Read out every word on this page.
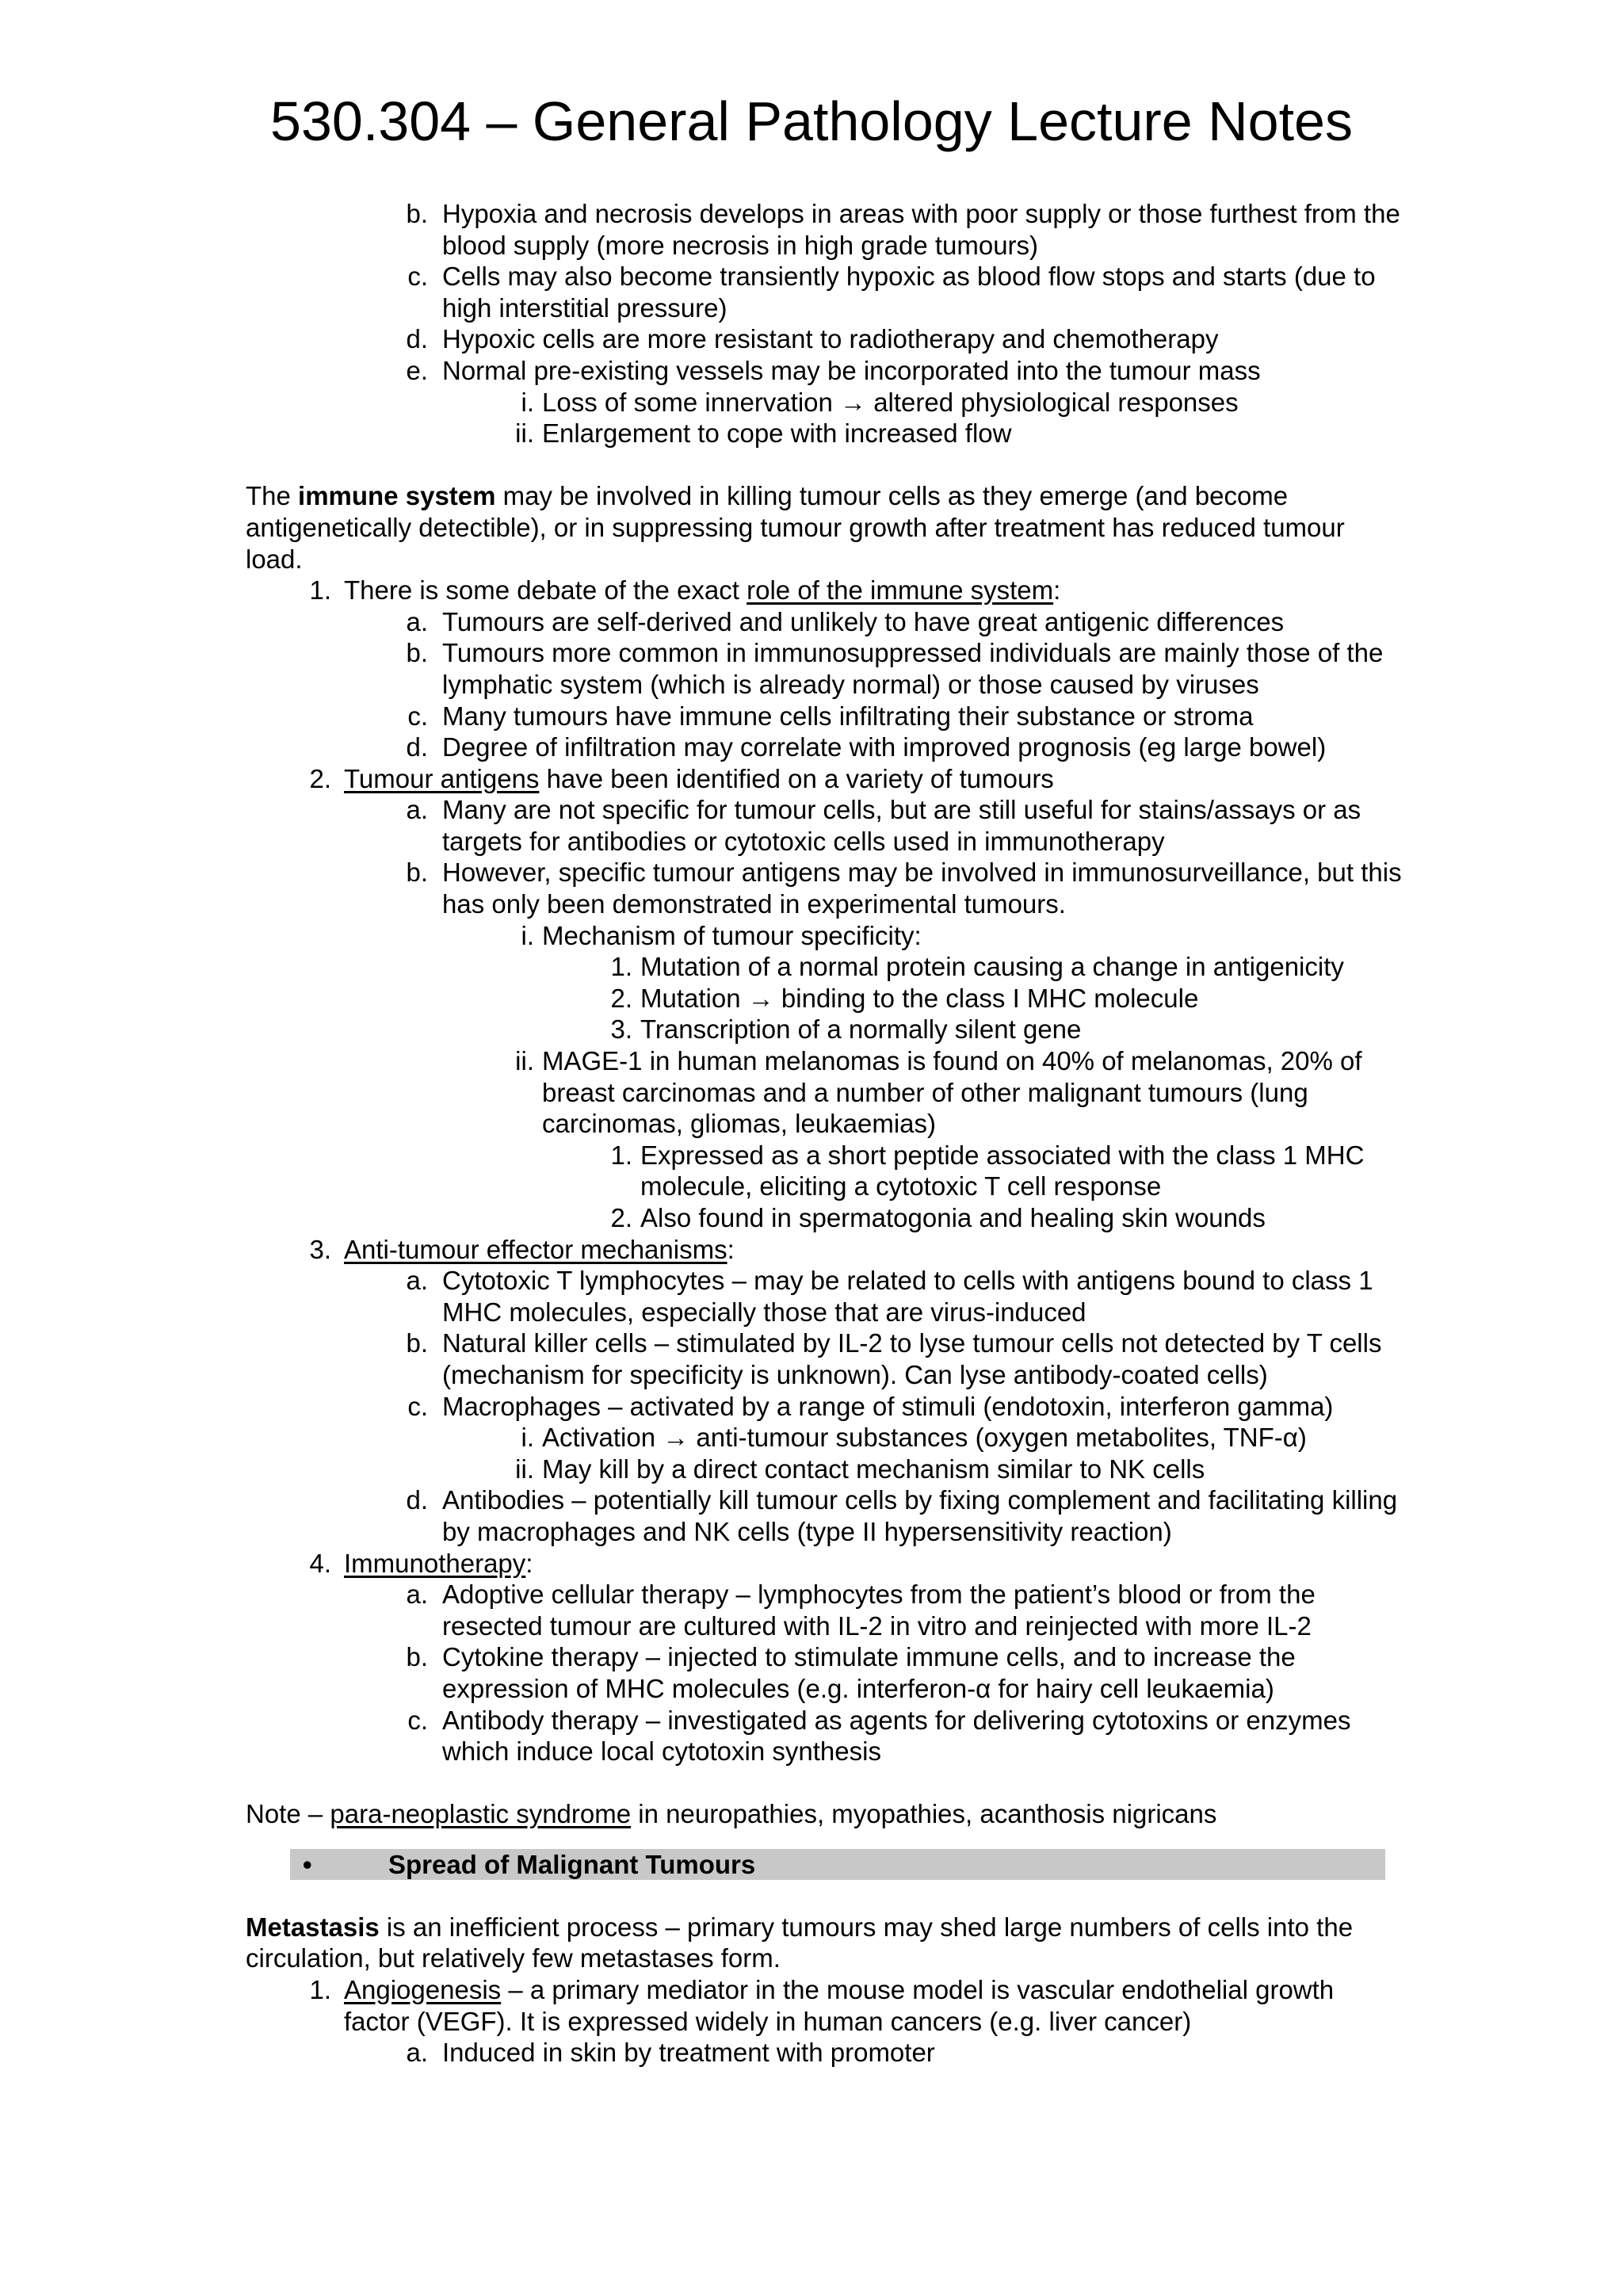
530.304 – General Pathology Lecture Notes
b. Hypoxia and necrosis develops in areas with poor supply or those furthest from the blood supply (more necrosis in high grade tumours)
c. Cells may also become transiently hypoxic as blood flow stops and starts (due to high interstitial pressure)
d. Hypoxic cells are more resistant to radiotherapy and chemotherapy
e. Normal pre-existing vessels may be incorporated into the tumour mass
i. Loss of some innervation → altered physiological responses
ii. Enlargement to cope with increased flow
The immune system may be involved in killing tumour cells as they emerge (and become antigenetically detectible), or in suppressing tumour growth after treatment has reduced tumour load.
1. There is some debate of the exact role of the immune system:
a. Tumours are self-derived and unlikely to have great antigenic differences
b. Tumours more common in immunosuppressed individuals are mainly those of the lymphatic system (which is already normal) or those caused by viruses
c. Many tumours have immune cells infiltrating their substance or stroma
d. Degree of infiltration may correlate with improved prognosis (eg large bowel)
2. Tumour antigens have been identified on a variety of tumours
a. Many are not specific for tumour cells, but are still useful for stains/assays or as targets for antibodies or cytotoxic cells used in immunotherapy
b. However, specific tumour antigens may be involved in immunosurveillance, but this has only been demonstrated in experimental tumours.
i. Mechanism of tumour specificity:
1. Mutation of a normal protein causing a change in antigenicity
2. Mutation → binding to the class I MHC molecule
3. Transcription of a normally silent gene
ii. MAGE-1 in human melanomas is found on 40% of melanomas, 20% of breast carcinomas and a number of other malignant tumours (lung carcinomas, gliomas, leukaemias)
1. Expressed as a short peptide associated with the class 1 MHC molecule, eliciting a cytotoxic T cell response
2. Also found in spermatogonia and healing skin wounds
3. Anti-tumour effector mechanisms:
a. Cytotoxic T lymphocytes – may be related to cells with antigens bound to class 1 MHC molecules, especially those that are virus-induced
b. Natural killer cells – stimulated by IL-2 to lyse tumour cells not detected by T cells (mechanism for specificity is unknown). Can lyse antibody-coated cells)
c. Macrophages – activated by a range of stimuli (endotoxin, interferon gamma)
i. Activation → anti-tumour substances (oxygen metabolites, TNF-α)
ii. May kill by a direct contact mechanism similar to NK cells
d. Antibodies – potentially kill tumour cells by fixing complement and facilitating killing by macrophages and NK cells (type II hypersensitivity reaction)
4. Immunotherapy:
a. Adoptive cellular therapy – lymphocytes from the patient’s blood or from the resected tumour are cultured with IL-2 in vitro and reinjected with more IL-2
b. Cytokine therapy – injected to stimulate immune cells, and to increase the expression of MHC molecules (e.g. interferon-α for hairy cell leukaemia)
c. Antibody therapy – investigated as agents for delivering cytotoxins or enzymes which induce local cytotoxin synthesis
Note – para-neoplastic syndrome in neuropathies, myopathies, acanthosis nigricans
•	Spread of Malignant Tumours
Metastasis is an inefficient process – primary tumours may shed large numbers of cells into the circulation, but relatively few metastases form.
1. Angiogenesis – a primary mediator in the mouse model is vascular endothelial growth factor (VEGF). It is expressed widely in human cancers (e.g. liver cancer)
a. Induced in skin by treatment with promoter
